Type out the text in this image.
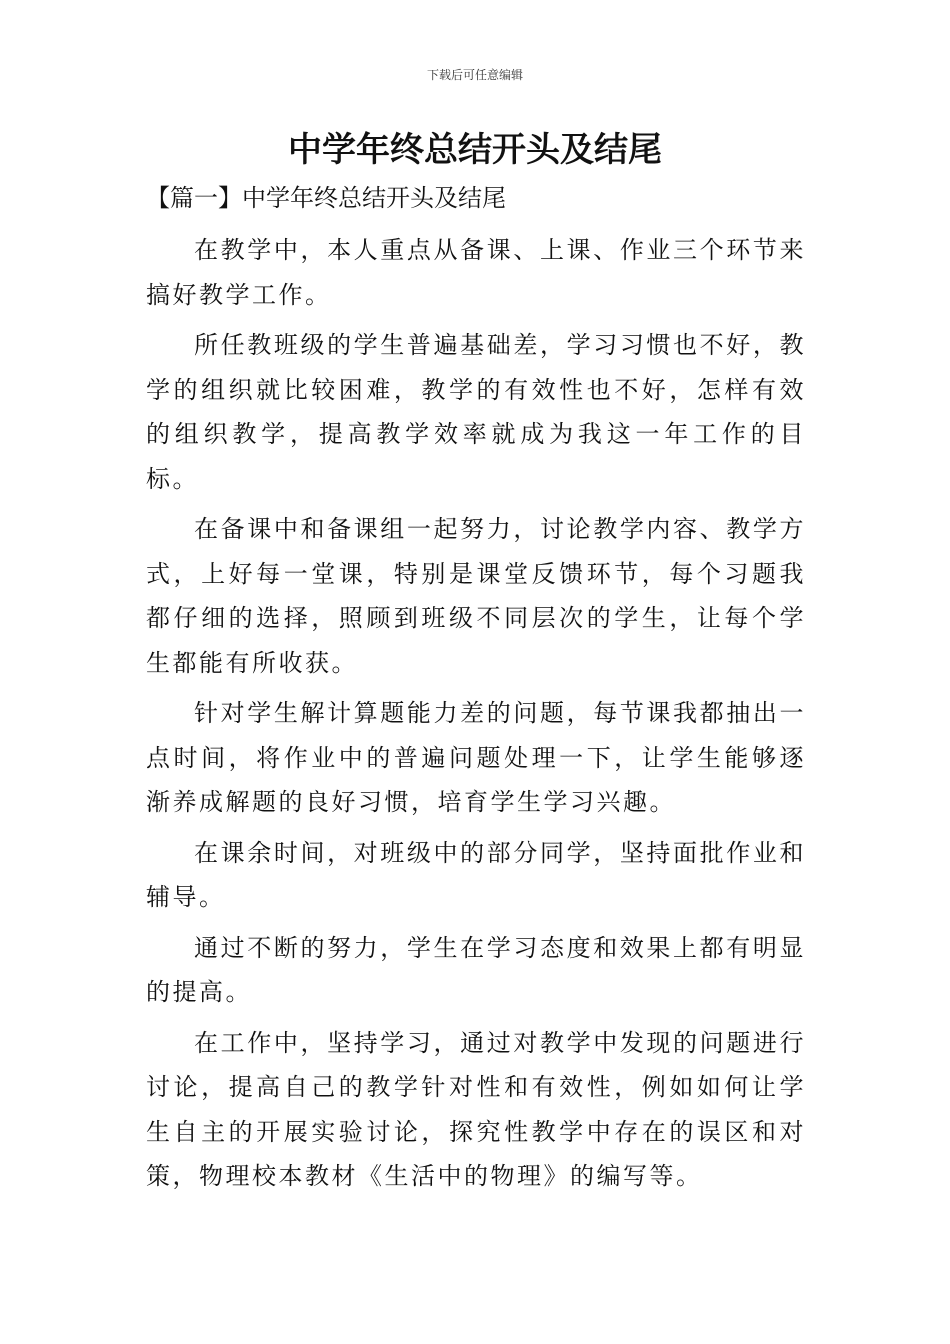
下载后可任意编辑
中学年终总结开头及结尾
【篇一】中学年终总结开头及结尾

在教学中，本人重点从备课、上课、作业三个环节来搞好教学工作。

所任教班级的学生普遍基础差，学习习惯也不好，教学的组织就比较困难，教学的有效性也不好，怎样有效的组织教学，提高教学效率就成为我这一年工作的目标。

在备课中和备课组一起努力，讨论教学内容、教学方式，上好每一堂课，特别是课堂反馈环节，每个习题我都仔细的选择，照顾到班级不同层次的学生，让每个学生都能有所收获。

针对学生解计算题能力差的问题，每节课我都抽出一点时间，将作业中的普遍问题处理一下，让学生能够逐渐养成解题的良好习惯，培育学生学习兴趣。

在课余时间，对班级中的部分同学，坚持面批作业和辅导。

通过不断的努力，学生在学习态度和效果上都有明显的提高。

在工作中，坚持学习，通过对教学中发现的问题进行讨论，提高自己的教学针对性和有效性，例如如何让学生自主的开展实验讨论，探究性教学中存在的误区和对策，物理校本教材《生活中的物理》的编写等。
